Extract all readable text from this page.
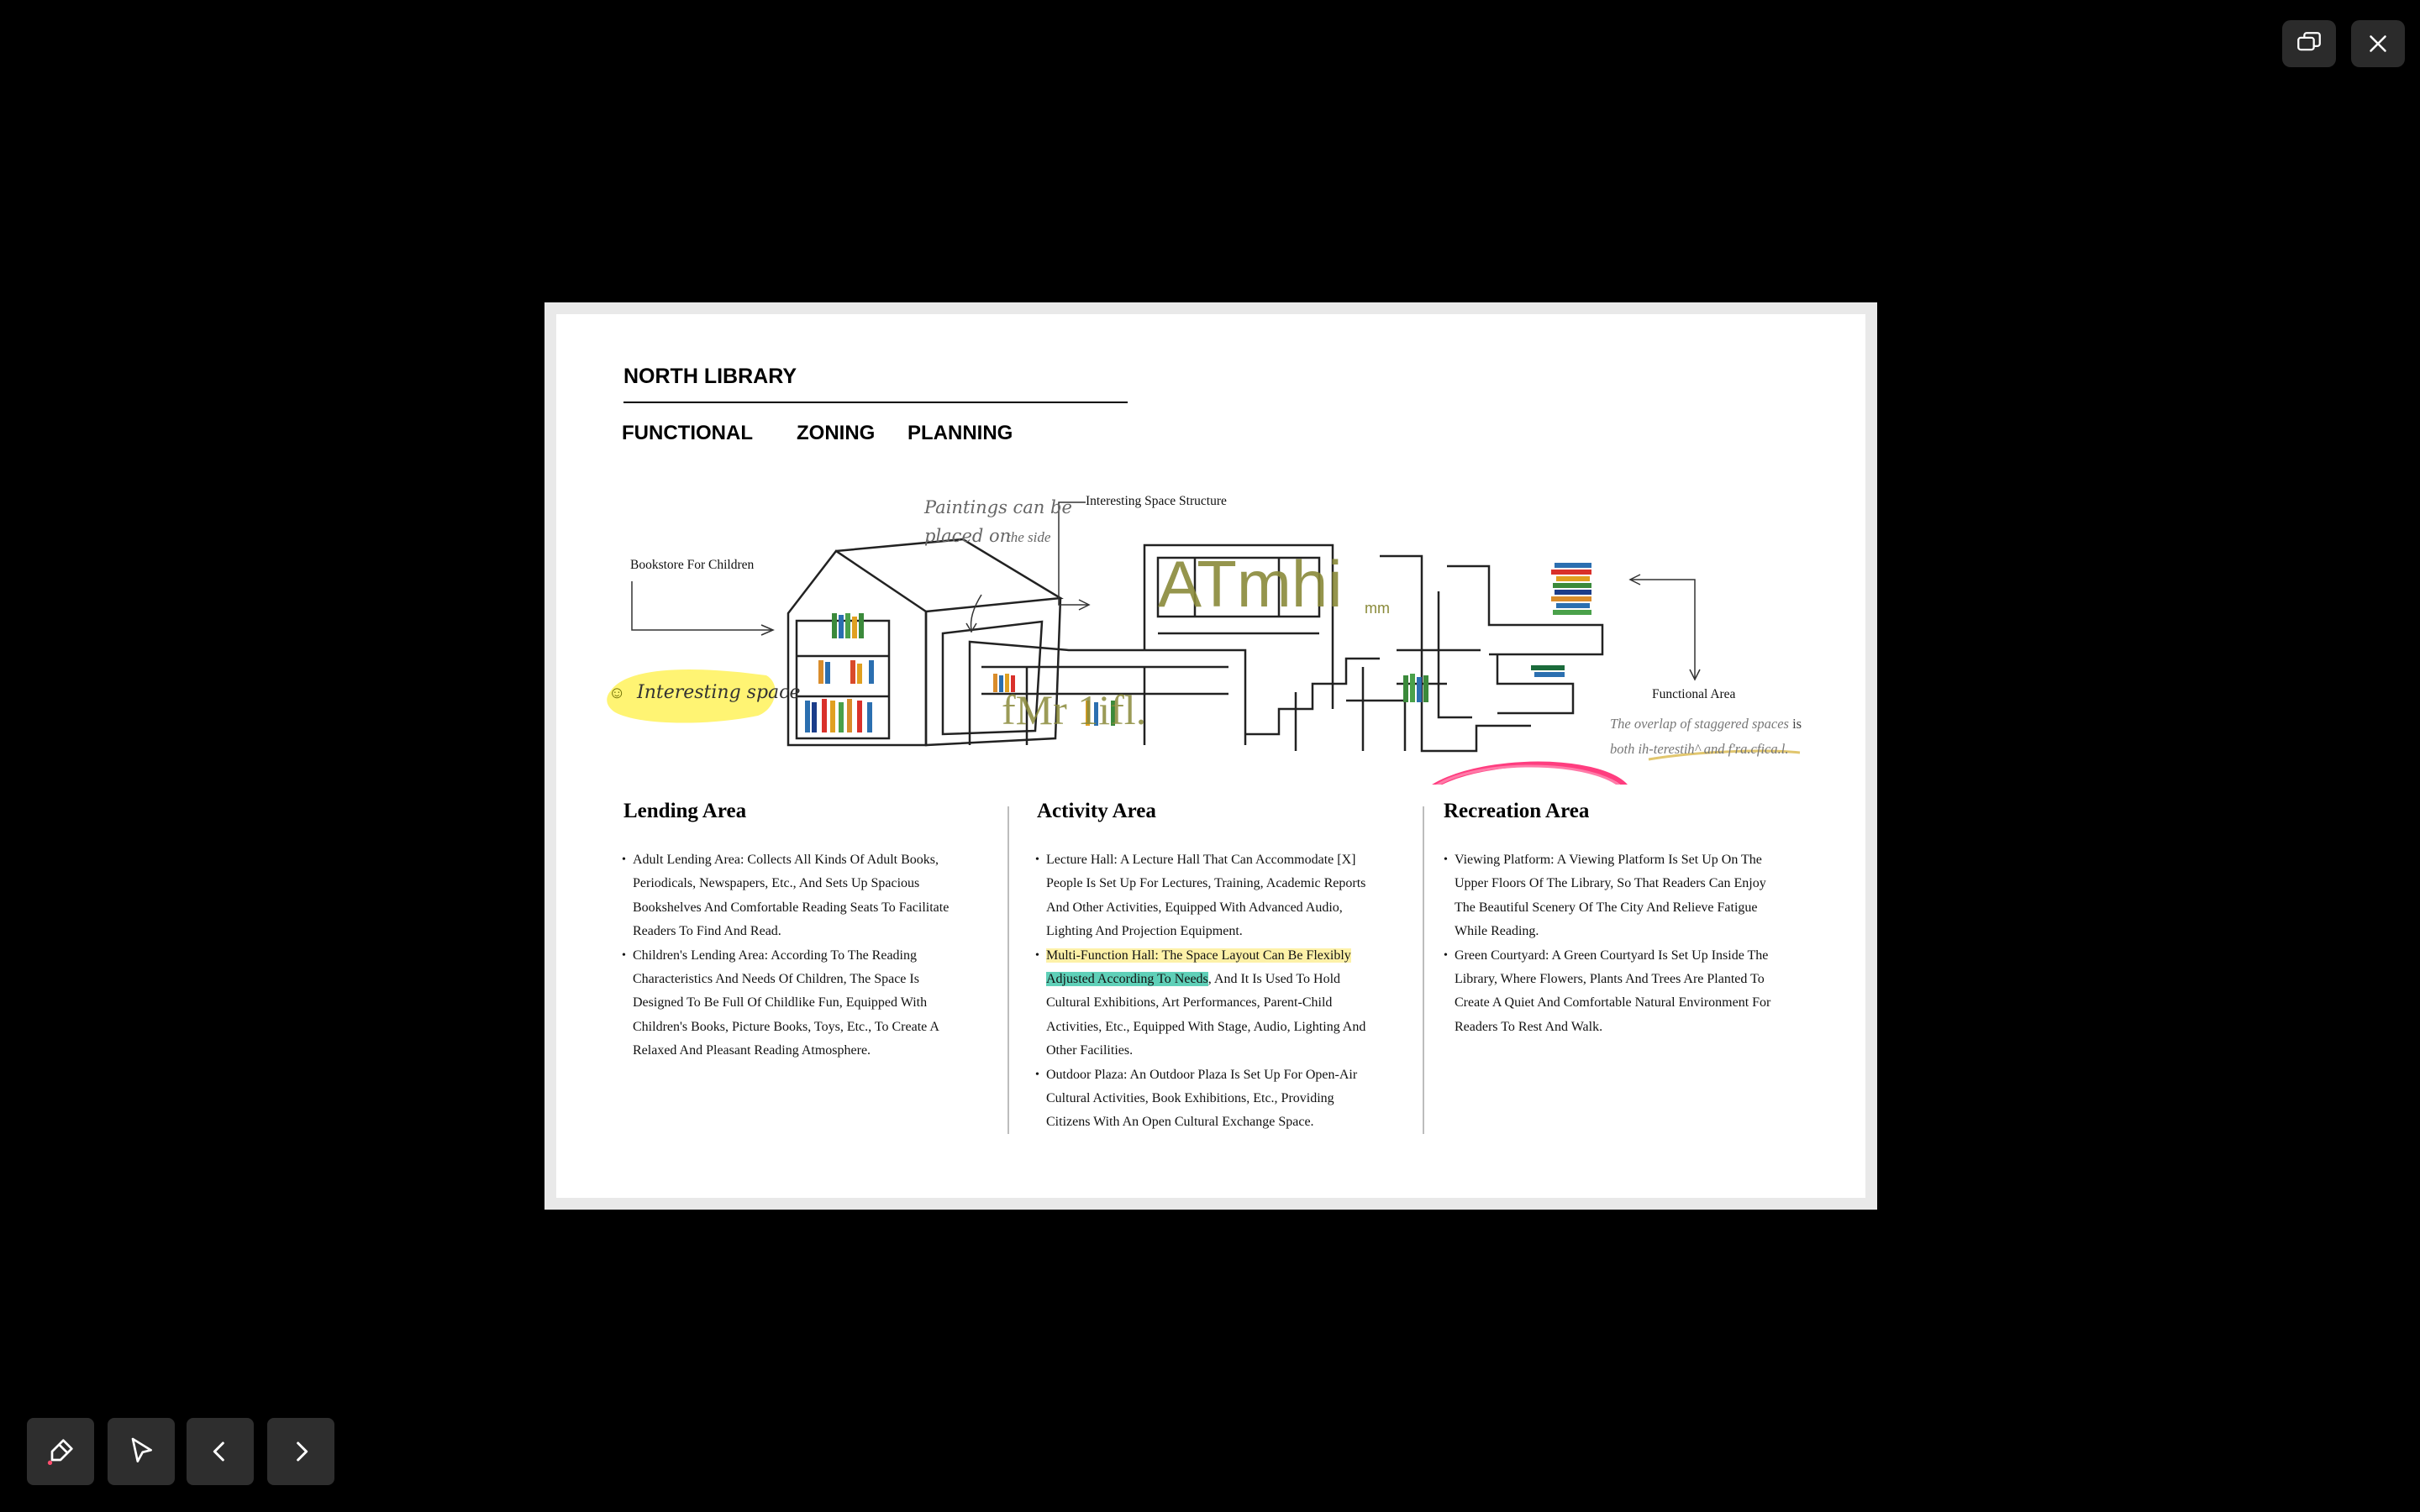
NORTH LIBRARY
FUNCTIONAL ZONING PLANNING
Bookstore For Children
Interesting Space Structure
Functional Area
Paintings can be
placed on
the side
☺ Interesting space
ATmhi mm
fMr 1ifl.	The overlap of staggered spaces is
both ih-terestih^ and f'ra.cfica.l.
Lending Area
• Adult Lending Area: Collects All Kinds Of Adult Books, Periodicals, Newspapers, Etc., And Sets Up Spacious Bookshelves And Comfortable Reading Seats To Facilitate Readers To Find And Read.
• Children's Lending Area: According To The Reading Characteristics And Needs Of Children, The Space Is Designed To Be Full Of Childlike Fun, Equipped With Children's Books, Picture Books, Toys, Etc., To Create A Relaxed And Pleasant Reading Atmosphere.
Activity Area
• Lecture Hall: A Lecture Hall That Can Accommodate [X] People Is Set Up For Lectures, Training, Academic Reports And Other Activities, Equipped With Advanced Audio, Lighting And Projection Equipment.
• Multi-Function Hall: The Space Layout Can Be Flexibly Adjusted According To Needs, And It Is Used To Hold Cultural Exhibitions, Art Performances, Parent-Child Activities, Etc., Equipped With Stage, Audio, Lighting And Other Facilities.
• Outdoor Plaza: An Outdoor Plaza Is Set Up For Open-Air Cultural Activities, Book Exhibitions, Etc., Providing Citizens With An Open Cultural Exchange Space.
Recreation Area
• Viewing Platform: A Viewing Platform Is Set Up On The Upper Floors Of The Library, So That Readers Can Enjoy The Beautiful Scenery Of The City And Relieve Fatigue While Reading.
• Green Courtyard: A Green Courtyard Is Set Up Inside The Library, Where Flowers, Plants And Trees Are Planted To Create A Quiet And Comfortable Natural Environment For Readers To Rest And Walk.
